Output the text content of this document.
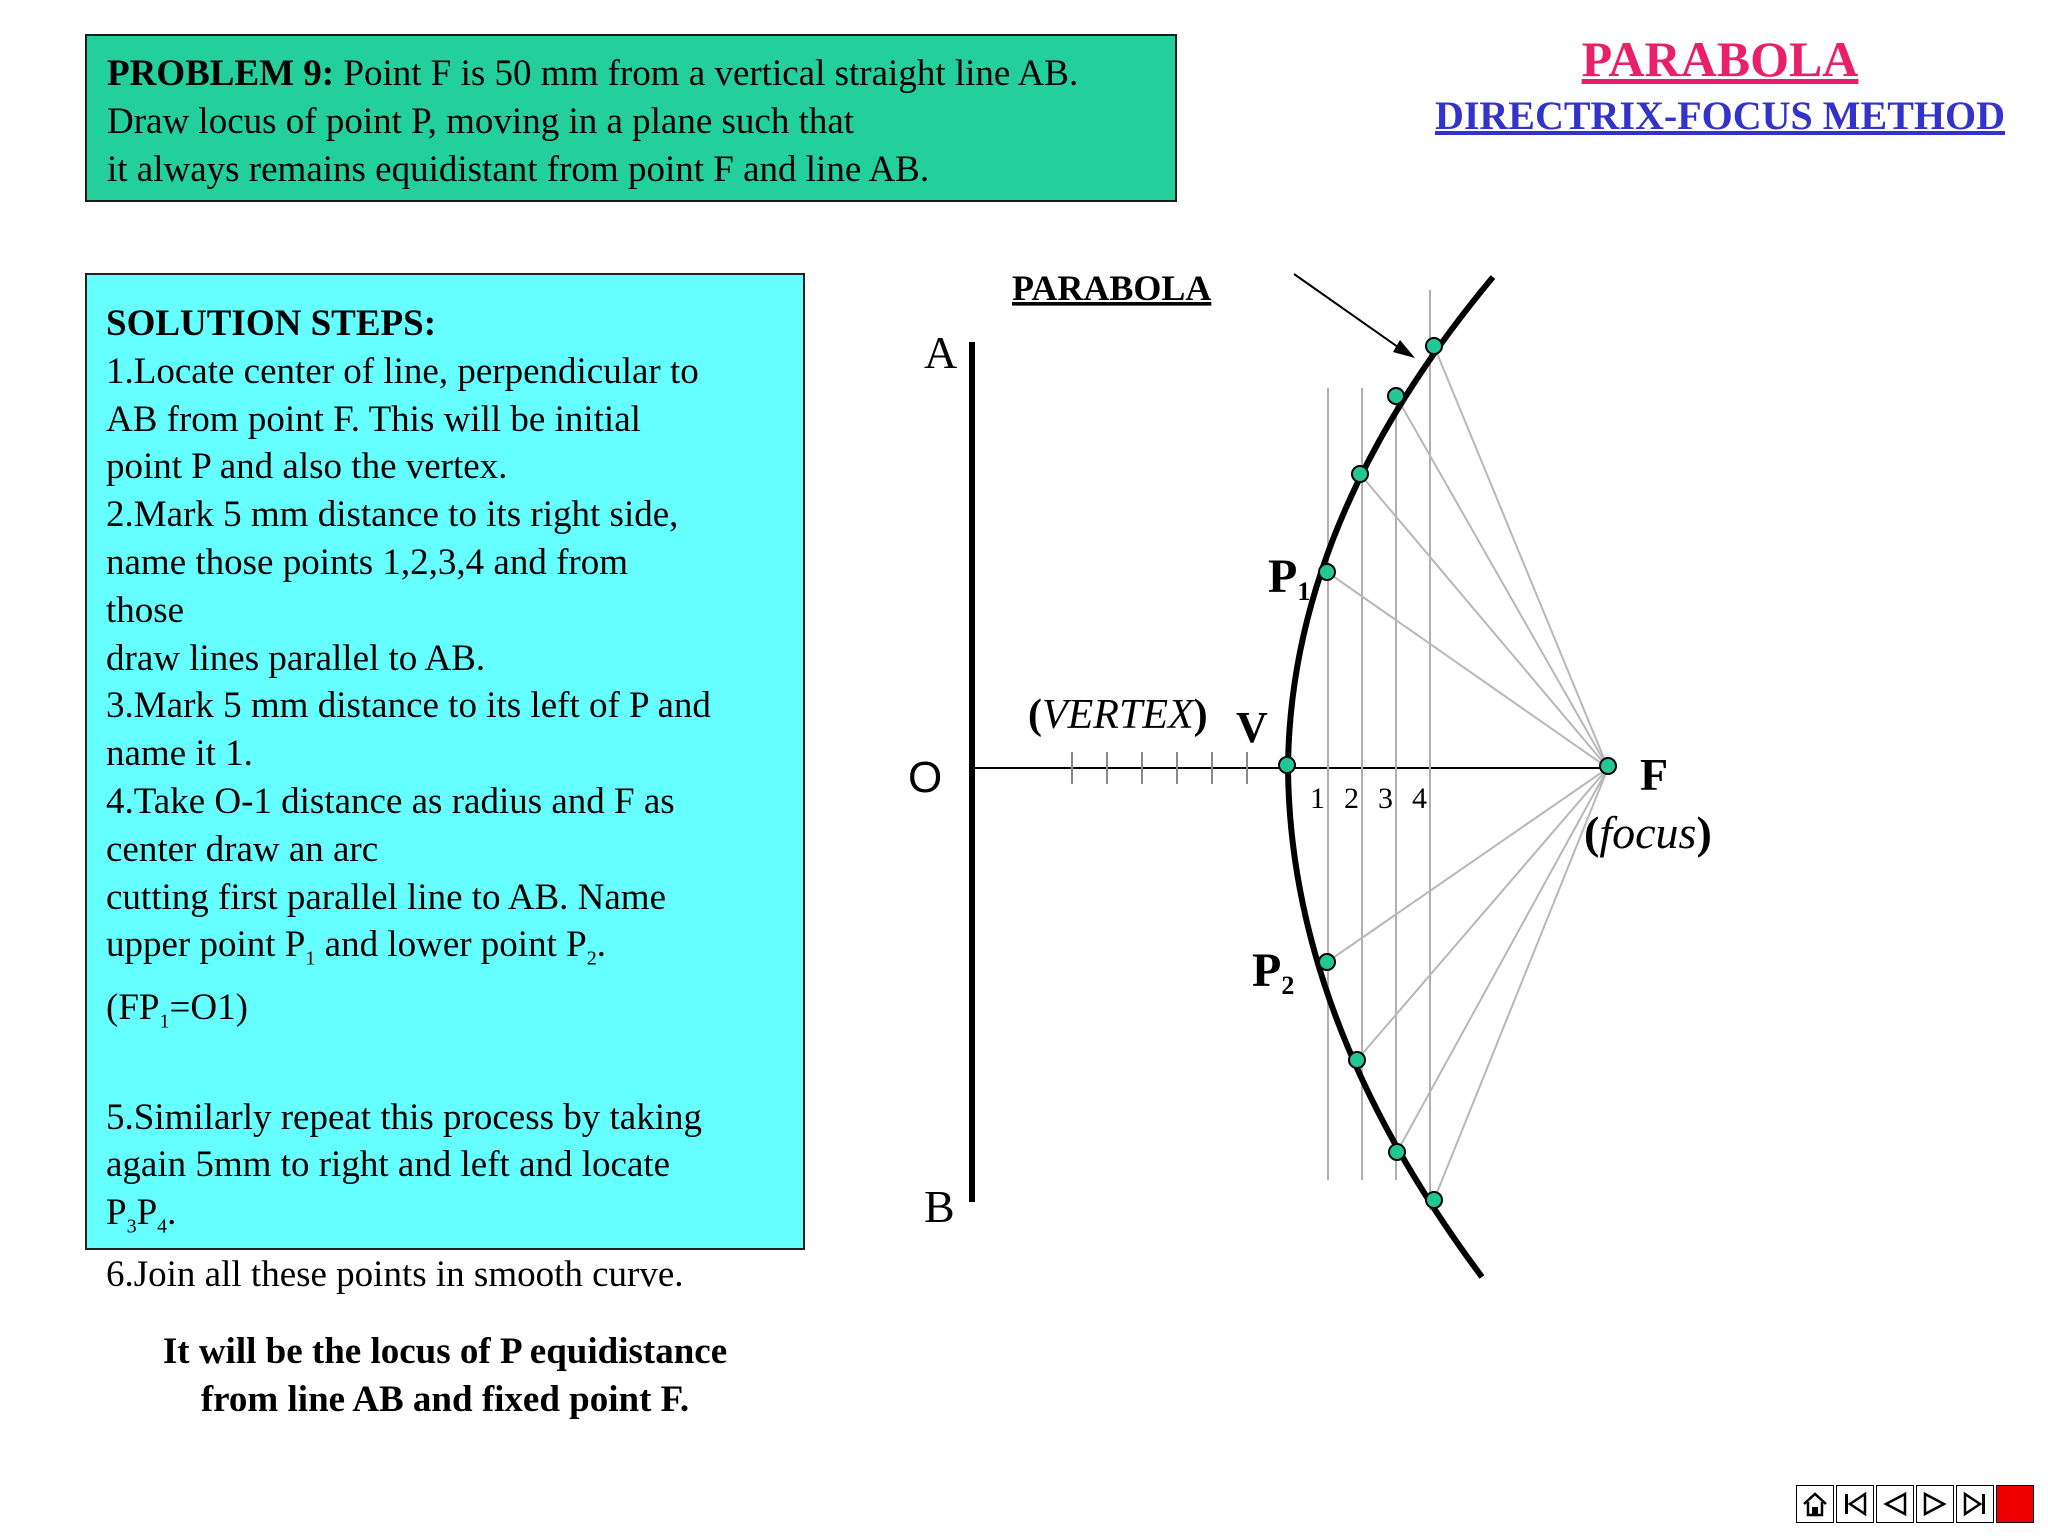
PROBLEM 9: Point F is 50 mm from a vertical straight line AB.
Draw locus of point P, moving in a plane such that
it always remains equidistant from point F and line AB.
PARABOLA
DIRECTRIX-FOCUS METHOD
SOLUTION STEPS:
1.Locate center of line, perpendicular to
AB from point F. This will be initial
point P and also the vertex.
2.Mark 5 mm distance to its right side,
name those points 1,2,3,4 and from
those
draw lines parallel to AB.
3.Mark 5 mm distance to its left of P and
name it 1.
4.Take O-1 distance as radius and F as
center draw an arc
cutting first parallel line to AB. Name
upper point $P_1$ and lower point $P_2$.
$(FP_1=O1)$

5.Similarly repeat this process by taking
again 5mm to right and left and locate
$P_3P_4$.
6.Join all these points in smooth curve.
It will be the locus of P equidistance
from line AB and fixed point F.
A
B
O
PARABOLA
(VERTEX) V
F
(focus)
P1
P2
1 2 3 4
